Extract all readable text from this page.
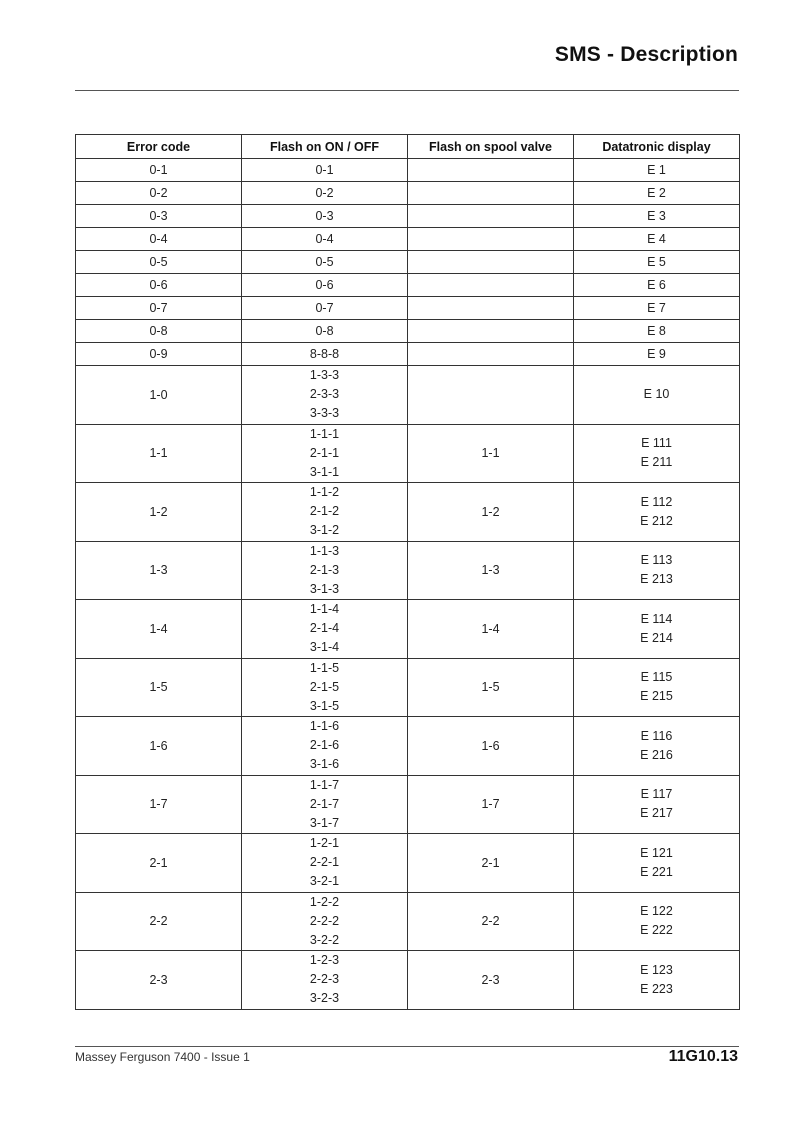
SMS - Description
Error code	Flash on ON / OFF	Flash on spool valve	Datatronic display
0-1	0-1		E 1

0-2	0-2		E 2

0-3	0-3		E 3

0-4	0-4		E 4

0-5	0-5		E 5

0-6	0-6		E 6

0-7	0-7		E 7

0-8	0-8		E 8

0-9	8-8-8		E 9

1-0	1-3-3
2-3-3
3-3-3		E 10

1-1	1-1-1
2-1-1
3-1-1	1-1	E 111
E 211

1-2	1-1-2
2-1-2
3-1-2	1-2	E 112
E 212

1-3	1-1-3
2-1-3
3-1-3	1-3	E 113
E 213

1-4	1-1-4
2-1-4
3-1-4	1-4	E 114
E 214

1-5	1-1-5
2-1-5
3-1-5	1-5	E 115
E 215

1-6	1-1-6
2-1-6
3-1-6	1-6	E 116
E 216

1-7	1-1-7
2-1-7
3-1-7	1-7	E 117
E 217

2-1	1-2-1
2-2-1
3-2-1	2-1	E 121
E 221

2-2	1-2-2
2-2-2
3-2-2	2-2	E 122
E 222

2-3	1-2-3
2-2-3
3-2-3	2-3	E 123
E 223
Massey Ferguson 7400 - Issue 1	11G10.13
